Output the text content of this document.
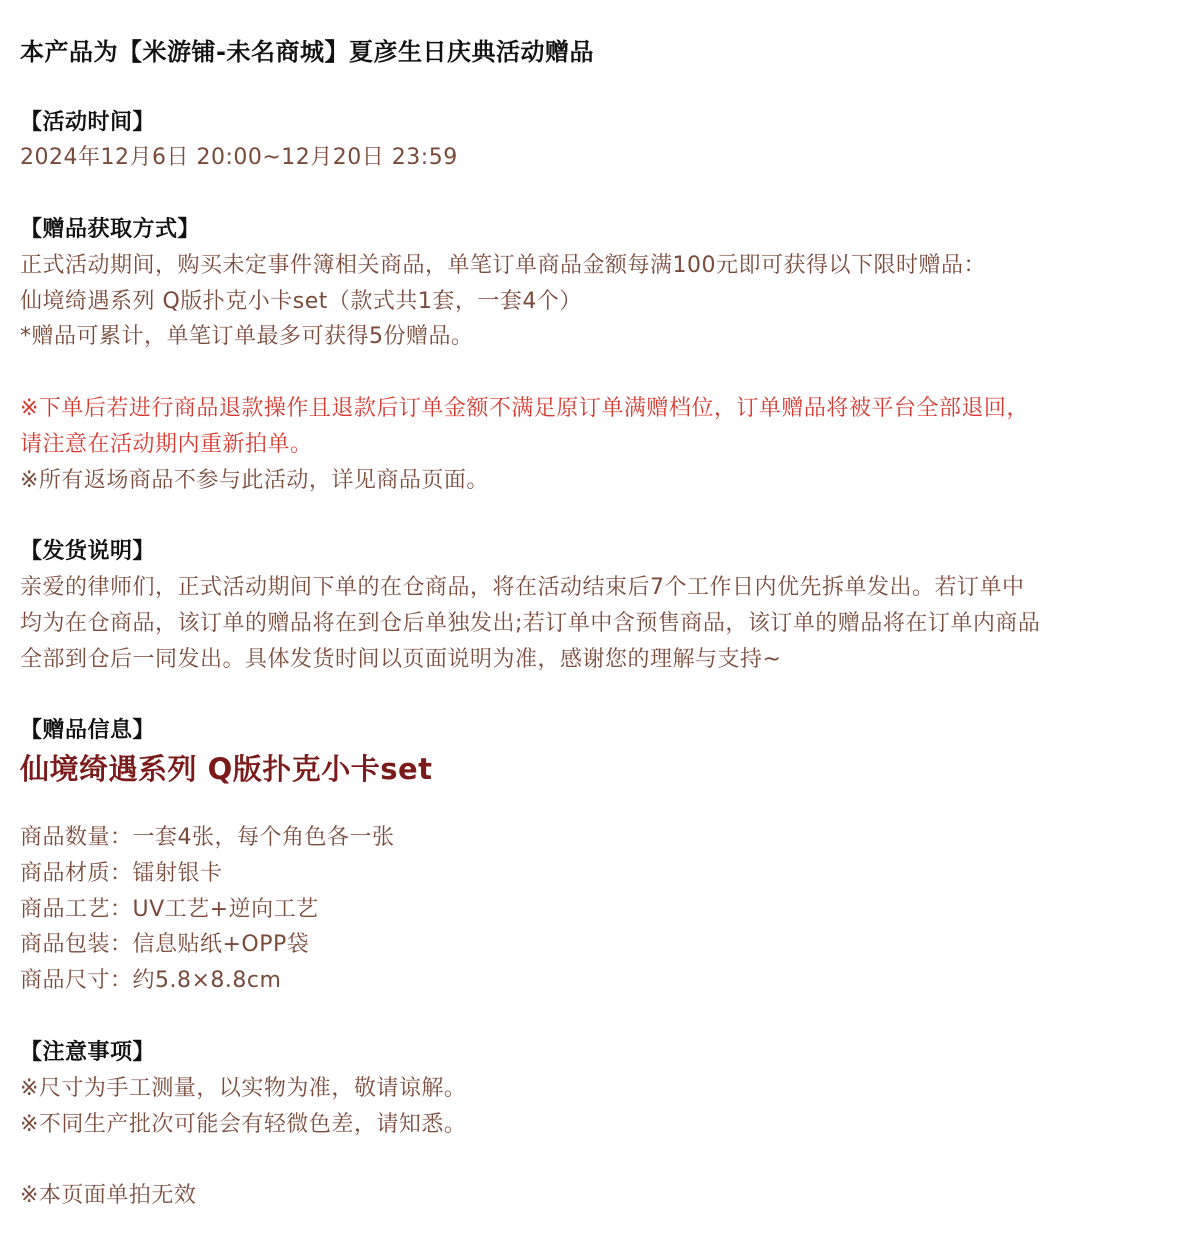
本产品为【米游铺-未名商城】夏彦生日庆典活动赠品
【活动时间】
2024年12月6日 20:00~12月20日 23:59
【赠品获取方式】
正式活动期间，购买未定事件簿相关商品，单笔订单商品金额每满100元即可获得以下限时赠品：
仙境绮遇系列 Q版扑克小卡set（款式共1套，一套4个）
*赠品可累计，单笔订单最多可获得5份赠品。
※下单后若进行商品退款操作且退款后订单金额不满足原订单满赠档位，订单赠品将被平台全部退回，
请注意在活动期内重新拍单。
※所有返场商品不参与此活动，详见商品页面。
【发货说明】
亲爱的律师们，正式活动期间下单的在仓商品，将在活动结束后7个工作日内优先拆单发出。若订单中
均为在仓商品，该订单的赠品将在到仓后单独发出;若订单中含预售商品，该订单的赠品将在订单内商品
全部到仓后一同发出。具体发货时间以页面说明为准，感谢您的理解与支持~
【赠品信息】
仙境绮遇系列 Q版扑克小卡set
商品数量：一套4张，每个角色各一张
商品材质：镭射银卡
商品工艺：UV工艺+逆向工艺
商品包装：信息贴纸+OPP袋
商品尺寸：约5.8×8.8cm
【注意事项】
※尺寸为手工测量，以实物为准，敬请谅解。
※不同生产批次可能会有轻微色差，请知悉。
※本页面单拍无效
